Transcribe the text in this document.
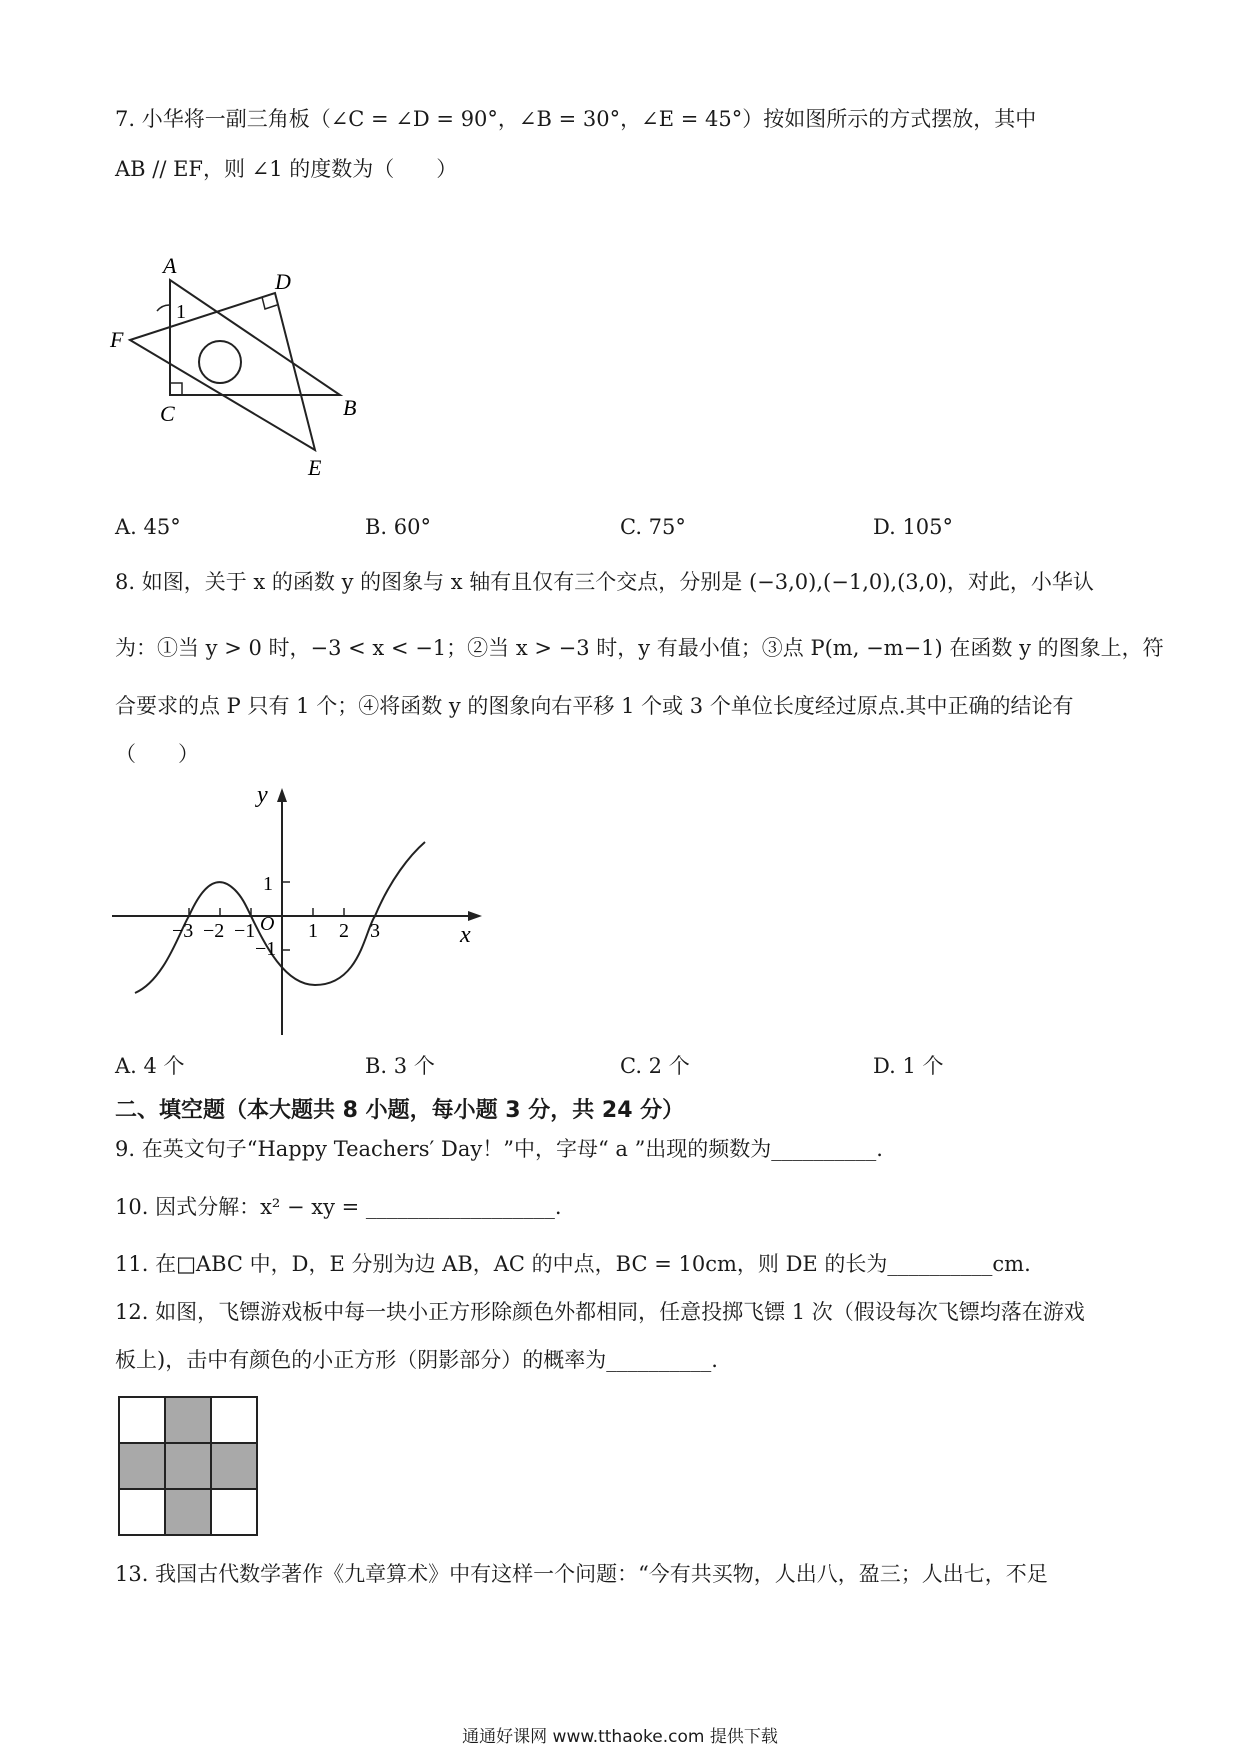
7. 小华将一副三角板（∠C = ∠D = 90°，∠B = 30°，∠E = 45°）按如图所示的方式摆放，其中
AB // EF，则 ∠1 的度数为（　　）
A
D
F
C	B
E
1
A. 45°	B. 60°	C. 75°	D. 105°
8. 如图，关于 x 的函数 y 的图象与 x 轴有且仅有三个交点，分别是 (−3,0),(−1,0),(3,0)，对此，小华认
为：①当 y > 0 时，−3 < x < −1；②当 x > −3 时，y 有最小值；③点 P(m, −m−1) 在函数 y 的图象上，符
合要求的点 P 只有 1 个；④将函数 y 的图象向右平移 1 个或 3 个单位长度经过原点.其中正确的结论有
（　　）
y
x
O
1
−1
−3 −2 −1	1 2 3
A. 4 个	B. 3 个	C. 2 个	D. 1 个
二、填空题（本大题共 8 小题，每小题 3 分，共 24 分）
9. 在英文句子“Happy Teachers′ Day！”中，字母“ a ”出现的频数为__________.
10. 因式分解：x² − xy = __________________.
11. 在□ABC 中，D，E 分别为边 AB，AC 的中点，BC = 10cm，则 DE 的长为__________cm.
12. 如图，飞镖游戏板中每一块小正方形除颜色外都相同，任意投掷飞镖 1 次（假设每次飞镖均落在游戏
板上)，击中有颜色的小正方形（阴影部分）的概率为__________.
13. 我国古代数学著作《九章算术》中有这样一个问题：“今有共买物，人出八，盈三；人出七，不足
通通好课网 www.tthaoke.com 提供下载
